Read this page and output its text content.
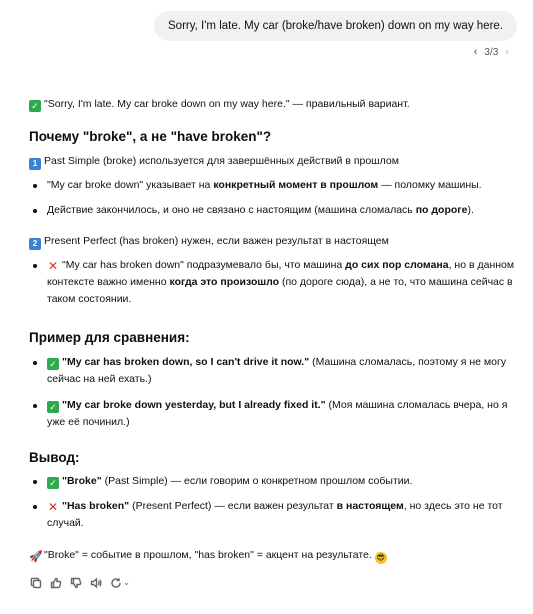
Sorry, I'm late. My car (broke/have broken) down on my way here.
‹ 3/3 ›
✓ "Sorry, I'm late. My car broke down on my way here." — правильный вариант.
Почему "broke", а не "have broken"?
1 Past Simple (broke) используется для завершённых действий в прошлом
"My car broke down" указывает на конкретный момент в прошлом — поломку машины.
Действие закончилось, и оно не связано с настоящим (машина сломалась по дороге).
2 Present Perfect (has broken) нужен, если важен результат в настоящем
✕ "My car has broken down" подразумевало бы, что машина до сих пор сломана, но в данном контексте важно именно когда это произошло (по дороге сюда), а не то, что машина сейчас в таком состоянии.
Пример для сравнения:
✓ "My car has broken down, so I can't drive it now." (Машина сломалась, поэтому я не могу сейчас на ней ехать.)
✓ "My car broke down yesterday, but I already fixed it." (Моя машина сломалась вчера, но я уже её починил.)
Вывод:
✓ "Broke" (Past Simple) — если говорим о конкретном прошлом событии.
✕ "Has broken" (Present Perfect) — если важен результат в настоящем, но здесь это не тот случай.
🚀"Broke" = событие в прошлом, "has broken" = акцент на результате. 😎
⌄
